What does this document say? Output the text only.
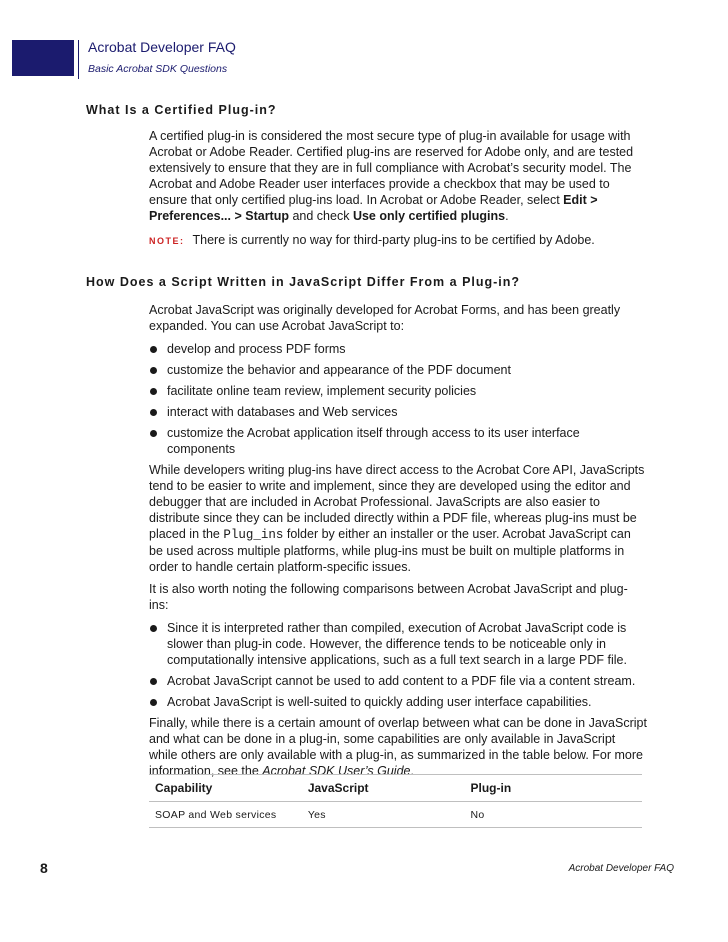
Acrobat Developer FAQ
Basic Acrobat SDK Questions
What Is a Certified Plug-in?

A certified plug-in is considered the most secure type of plug-in available for usage with Acrobat or Adobe Reader. Certified plug-ins are reserved for Adobe only, and are tested extensively to ensure that they are in full compliance with Acrobat’s security model. The Acrobat and Adobe Reader user interfaces provide a checkbox that may be used to ensure that only certified plug-ins load. In Acrobat or Adobe Reader, select Edit > Preferences... > Startup and check Use only certified plugins.

NOTE: There is currently no way for third-party plug-ins to be certified by Adobe.

How Does a Script Written in JavaScript Differ From a Plug-in?

Acrobat JavaScript was originally developed for Acrobat Forms, and has been greatly expanded. You can use Acrobat JavaScript to:

develop and process PDF forms
customize the behavior and appearance of the PDF document
facilitate online team review, implement security policies
interact with databases and Web services
customize the Acrobat application itself through access to its user interface components

While developers writing plug-ins have direct access to the Acrobat Core API, JavaScripts tend to be easier to write and implement, since they are developed using the editor and debugger that are included in Acrobat Professional. JavaScripts are also easier to distribute since they can be included directly within a PDF file, whereas plug-ins must be placed in the Plug_ins folder by either an installer or the user. Acrobat JavaScript can be used across multiple platforms, while plug-ins must be built on multiple platforms in order to handle certain platform-specific issues.

It is also worth noting the following comparisons between Acrobat JavaScript and plug-ins:

Since it is interpreted rather than compiled, execution of Acrobat JavaScript code is slower than plug-in code. However, the difference tends to be noticeable only in computationally intensive applications, such as a full text search in a large PDF file.
Acrobat JavaScript cannot be used to add content to a PDF file via a content stream.
Acrobat JavaScript is well-suited to quickly adding user interface capabilities.

Finally, while there is a certain amount of overlap between what can be done in JavaScript and what can be done in a plug-in, some capabilities are only available in JavaScript while others are only available with a plug-in, as summarized in the table below. For more information, see the Acrobat SDK User’s Guide.

Capability	JavaScript	Plug-in
SOAP and Web services	Yes	No
8	Acrobat Developer FAQ
